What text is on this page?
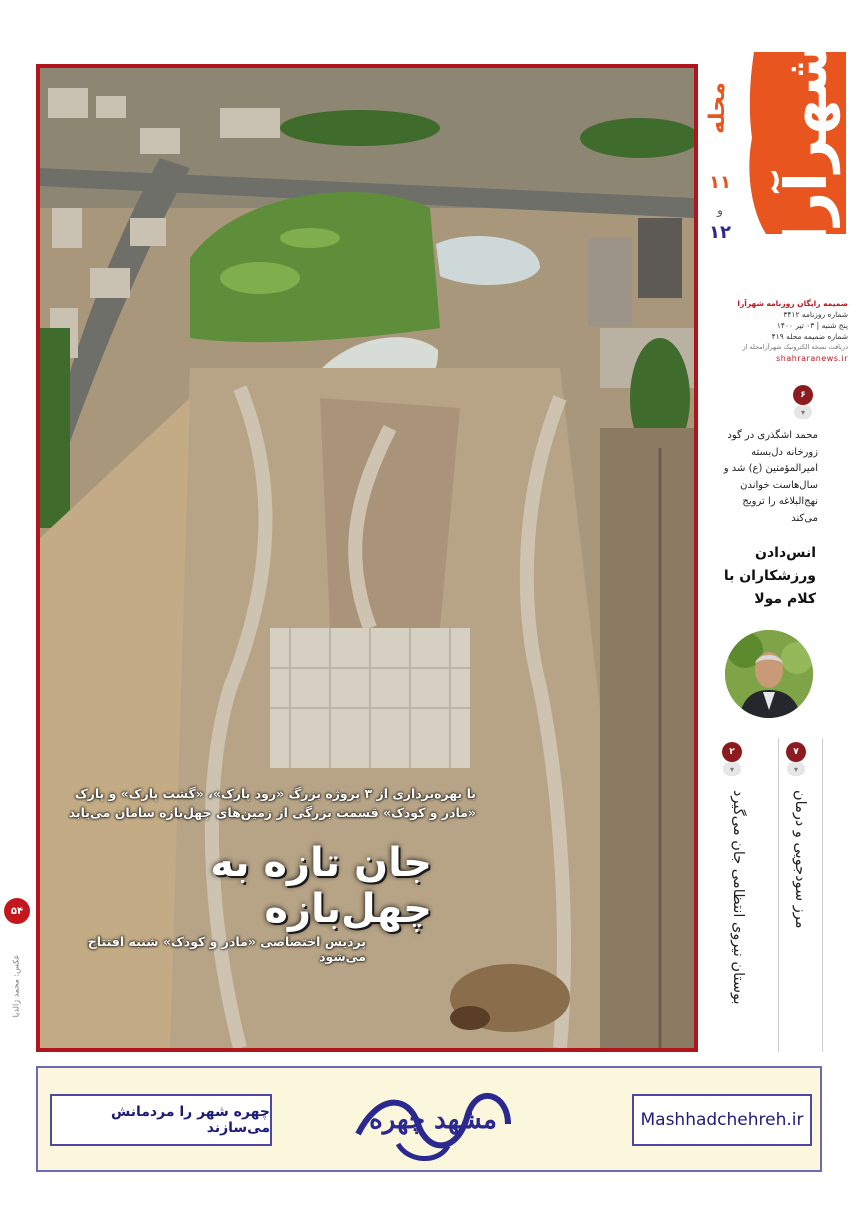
با بهره‌برداری از ۳ پروژه بزرگ «رود پارک»، «گشت پارک» و پارک «مادر و کودک» قسمت بزرگی از زمین‌های چهل‌بازه سامان می‌یابد
جان تازه به چهل‌بازه
پردیس اختصاصی «مادر و کودک» شنبه افتتاح می‌شود
۵۴
عکس: محمد ژالدیا
شهرآرا
محله
۱۱
و
۱۲
ضمیمه رایگان روزنامه شهرآرا
شماره روزنامه ۳۴۱۲
پنج شنبه | ۰۳ تیر ۱۴۰۰
شماره ضمیمه محله ۴۱۹
دریافت نسخه الکترونیک شهرآرامحله از
shahraranews.ir
۶
▾
محمد اشگذری در گود زورخانه دل‌بسته امیرالمؤمنین (ع) شد و سال‌هاست خواندن نهج‌البلاغه را ترویج می‌کند
انس‌دادن ورزشکاران با کلام مولا
۷
▾
مرز سودجویی و درمان
۲
▾
بوستان نیروی انتظامی جان می‌گیرد
چهره شهر را مردمانش می‌سازند	مشهد چهره	Mashhadchehreh.ir
